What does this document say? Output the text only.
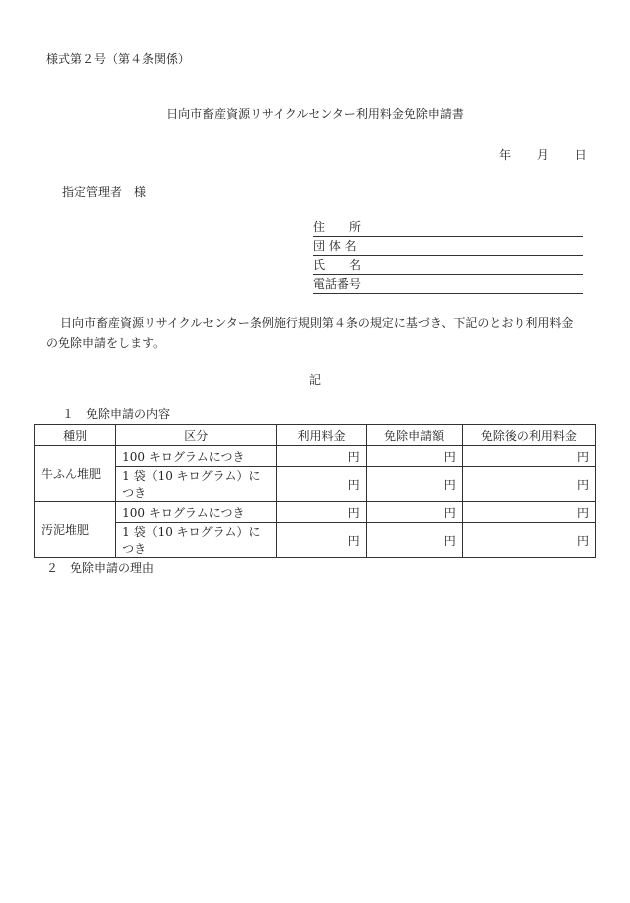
様式第２号（第４条関係）
日向市畜産資源リサイクルセンター利用料金免除申請書
年 月 日
指定管理者　様
住　　所
団 体 名
氏　　名
電話番号
日向市畜産資源リサイクルセンター条例施行規則第４条の規定に基づき、下記のとおり利用料金の免除申請をします。
記
１　免除申請の内容
種別	区分	利用料金	免除申請額	免除後の利用料金
牛ふん堆肥	100 キログラムにつき	円	円	円
	1 袋（10 キログラム）につき	円	円	円
汚泥堆肥	100 キログラムにつき	円	円	円
	1 袋（10 キログラム）につき	円	円	円
２　免除申請の理由
